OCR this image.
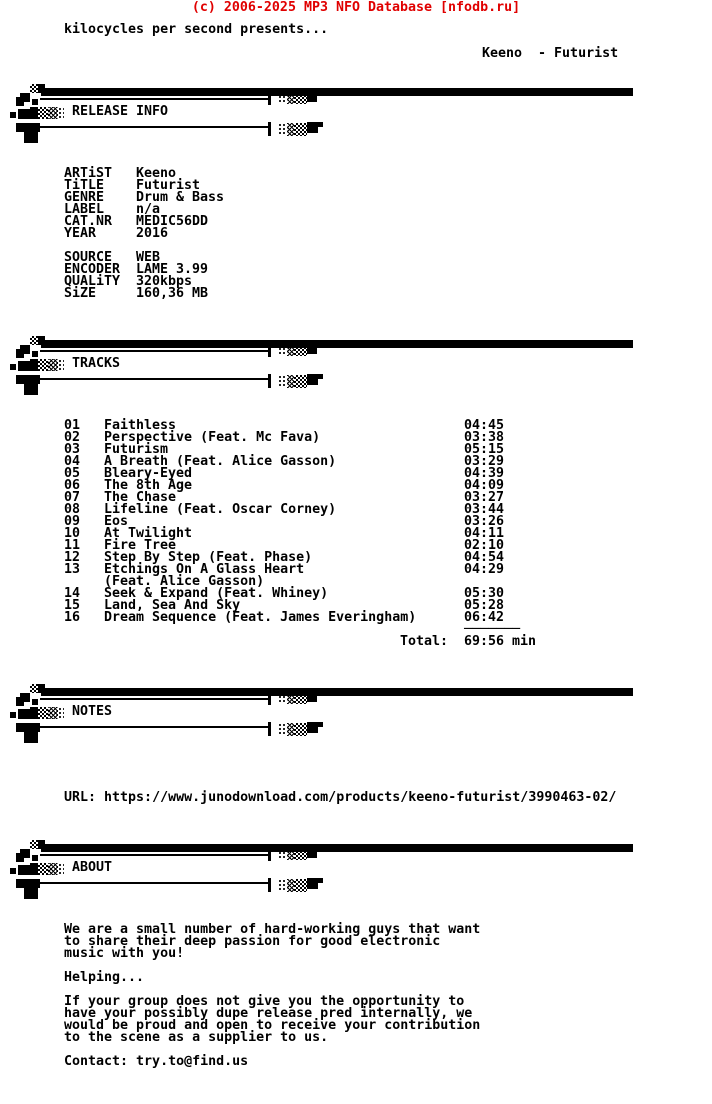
(c) 2006-2025 MP3 NFO Database [nfodb.ru]
kilocycles per second presents...
Keeno  - Futurist
RELEASE INFO
TRACKS
NOTES
ABOUT
ARTiST Keeno
TiTLE Futurist
GENRE Drum & Bass
LABEL n/a
CAT.NR MEDIC56DD
YEAR	2016
SOURCE WEB
ENCODER LAME 3.99
QUALiTY 320kbps
SiZE	160,36 MB
01 Faithless	04:45
02 Perspective (Feat. Mc Fava)	03:38
03 Futurism	05:15
04 A Breath (Feat. Alice Gasson)	03:29
05 Bleary-Eyed	04:39
06 The 8th Age	04:09
07 The Chase	03:27
08 Lifeline (Feat. Oscar Corney)	03:44
09 Eos	03:26
10 At Twilight	04:11
11 Fire Tree	02:10
12 Step By Step (Feat. Phase)	04:54
13 Etchings On A Glass Heart	04:29
(Feat. Alice Gasson)
14 Seek & Expand (Feat. Whiney)	05:30
15 Land, Sea And Sky	05:28
16 Dream Sequence (Feat. James Everingham)	06:42
───────
Total: 69:56 min
URL: https://www.junodownload.com/products/keeno-futurist/3990463-02/
We are a small number of hard-working guys that want
to share their deep passion for good electronic
music with you!
Helping...
If your group does not give you the opportunity to
have your possibly dupe release pred internally, we
would be proud and open to receive your contribution
to the scene as a supplier to us.
Contact: try.to@find.us
